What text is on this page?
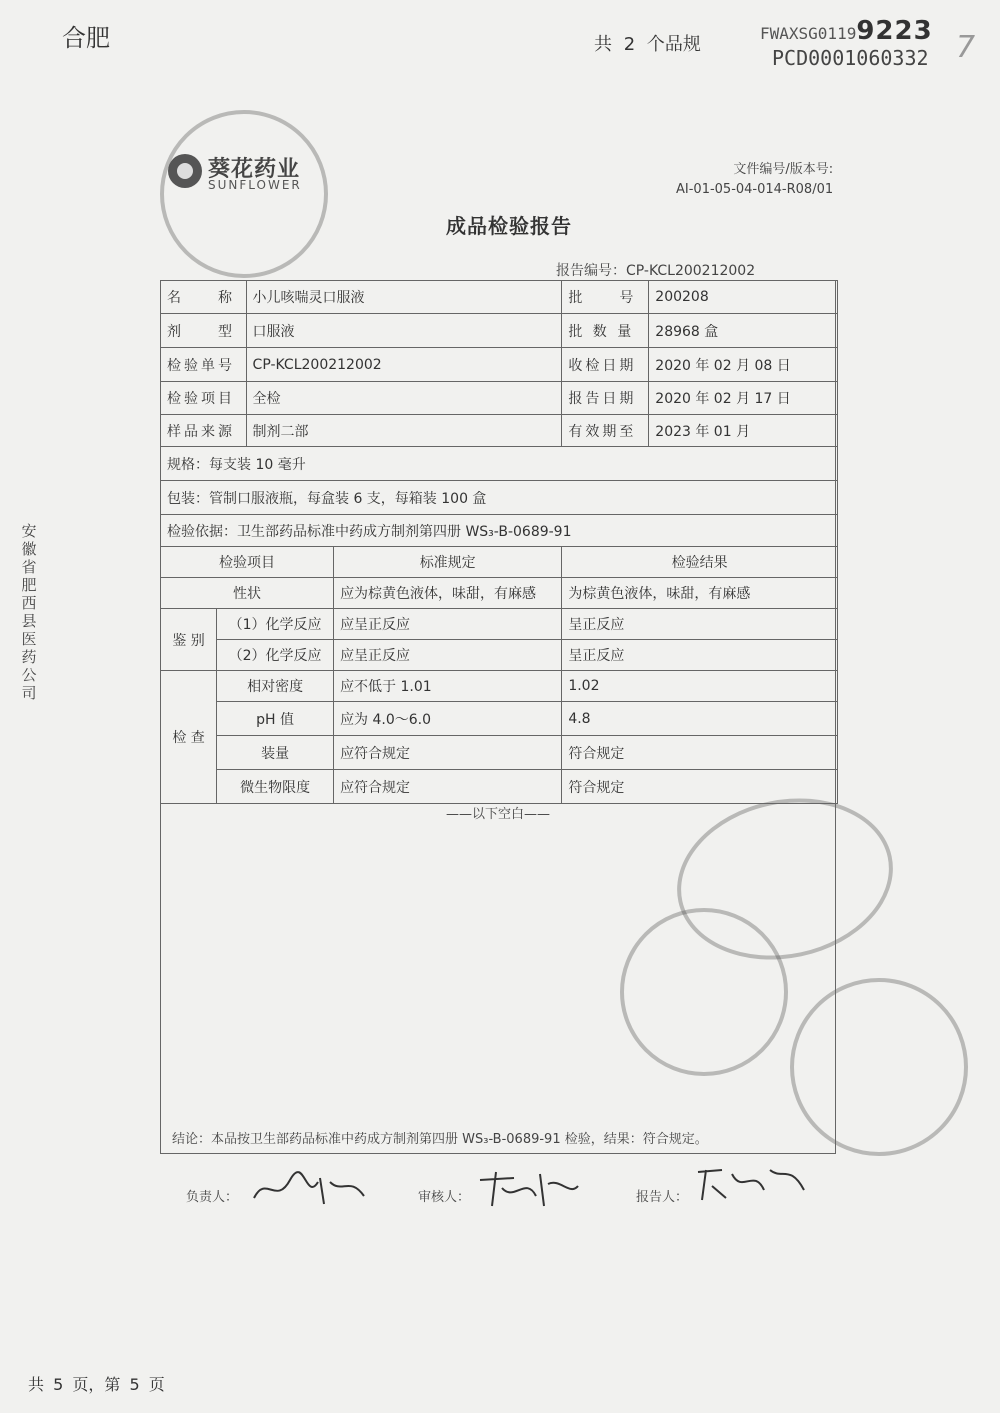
合肥	共 2 个品规
FWAXSG01199223
PCD0001060332 7
安徽省肥西县医药公司
葵花药业
SUNFLOWER
文件编号/版本号:
AI-01-05-04-014-R08/01
成品检验报告
报告编号：CP-KCL200212002
名　　称		小儿咳喘灵口服液		批　　号	200208
剂　　型		口服液		批 数 量	28968 盒
检验单号		CP-KCL200212002		收检日期	2020 年 02 月 08 日
检验项目		全检		报告日期	2020 年 02 月 17 日
样品来源		制剂二部		有效期至	2023 年 01 月
规格：每支装 10 毫升					
包装：管制口服液瓶，每盒装 6 支，每箱装 100 盒					
检验依据：卫生部药品标准中药成方制剂第四册 WS₃-B-0689-91					
检验项目			标准规定	检验结果	
性状			应为棕黄色液体，味甜，有麻感	为棕黄色液体，味甜，有麻感	
鉴 别	（1）化学反应		应呈正反应	呈正反应	
	（2）化学反应		应呈正反应	呈正反应	
检 查	相对密度		应不低于 1.01	1.02	
	pH 值		应为 4.0～6.0	4.8	
	装量		应符合规定	符合规定	
	微生物限度		应符合规定	符合规定	
——以下空白——
结论：本品按卫生部药品标准中药成方制剂第四册 WS₃-B-0689-91 检验，结果：符合规定。
负责人：	审核人：	报告人：
共 5 页，第 5 页
